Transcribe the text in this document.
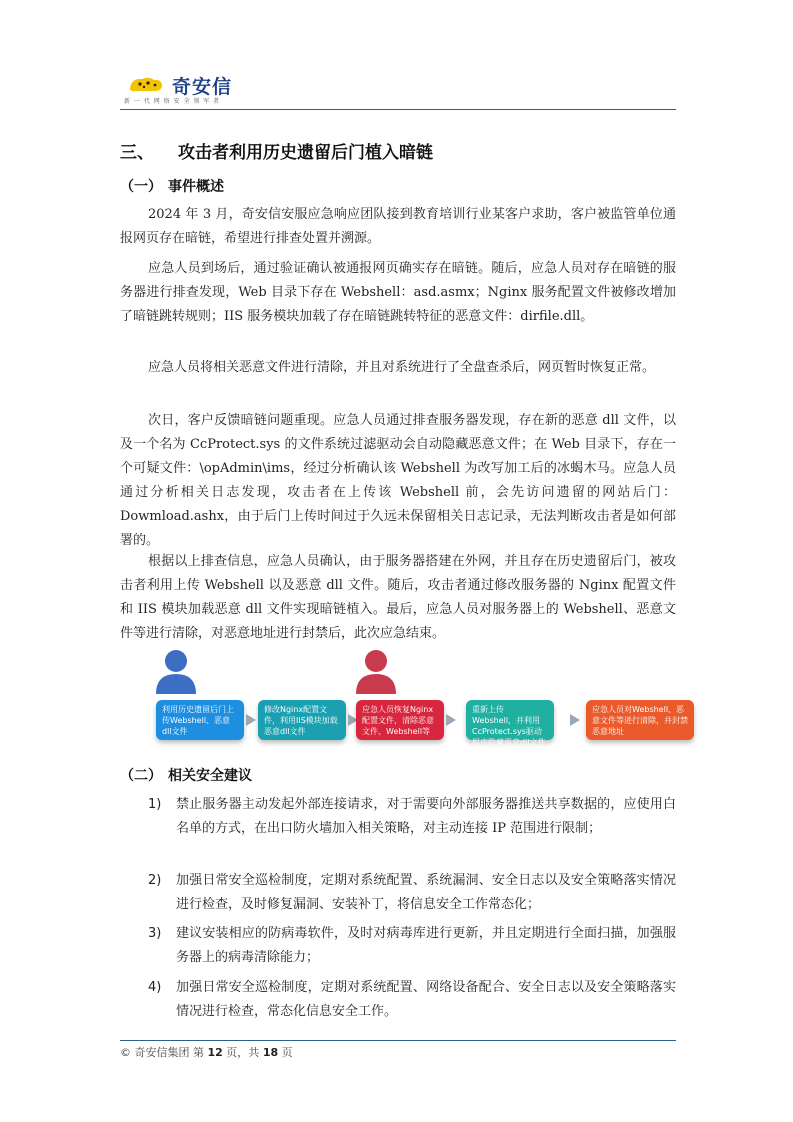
奇安信
新 一 代 网 络 安 全 领 军 者
三、 攻击者利用历史遗留后门植入暗链
（一） 事件概述

2024 年 3 月，奇安信安服应急响应团队接到教育培训行业某客户求助，客户被监管单位通报网页存在暗链，希望进行排查处置并溯源。

应急人员到场后，通过验证确认被通报网页确实存在暗链。随后，应急人员对存在暗链的服务器进行排查发现，Web 目录下存在 Webshell：asd.asmx；Nginx 服务配置文件被修改增加了暗链跳转规则；IIS 服务模块加载了存在暗链跳转特征的恶意文件：dirfile.dll。

应急人员将相关恶意文件进行清除，并且对系统进行了全盘查杀后，网页暂时恢复正常。

次日，客户反馈暗链问题重现。应急人员通过排查服务器发现，存在新的恶意 dll 文件，以及一个名为 CcProtect.sys 的文件系统过滤驱动会自动隐藏恶意文件；在 Web 目录下，存在一个可疑文件：\opAdmin\ims，经过分析确认该 Webshell 为改写加工后的冰蝎木马。应急人员通过分析相关日志发现，攻击者在上传该 Webshell 前，会先访问遗留的网站后门：Dowmload.ashx，由于后门上传时间过于久远未保留相关日志记录，无法判断攻击者是如何部署的。

根据以上排查信息，应急人员确认，由于服务器搭建在外网，并且存在历史遗留后门，被攻击者利用上传 Webshell 以及恶意 dll 文件。随后，攻击者通过修改服务器的 Nginx 配置文件和 IIS 模块加载恶意 dll 文件实现暗链植入。最后，应急人员对服务器上的 Webshell、恶意文件等进行清除，对恶意地址进行封禁后，此次应急结束。

利用历史遗留后门上传Webshell、恶意dll文件
修改Nginx配置文件，利用IIS模块加载恶意dll文件
应急人员恢复Nginx配置文件，清除恶意文件、Webshell等
重新上传Webshell，并利用CcProtect.sys驱动程序隐藏恶意dll文件
应急人员对Webshell、恶意文件等进行清除，并封禁恶意地址
（二） 相关安全建议
1) 禁止服务器主动发起外部连接请求，对于需要向外部服务器推送共享数据的，应使用白名单的方式，在出口防火墙加入相关策略，对主动连接 IP 范围进行限制；
2) 加强日常安全巡检制度，定期对系统配置、系统漏洞、安全日志以及安全策略落实情况进行检查，及时修复漏洞、安装补丁，将信息安全工作常态化；
3) 建议安装相应的防病毒软件，及时对病毒库进行更新，并且定期进行全面扫描，加强服务器上的病毒清除能力；
4) 加强日常安全巡检制度，定期对系统配置、网络设备配合、安全日志以及安全策略落实情况进行检查，常态化信息安全工作。
© 奇安信集团 第 12 页，共 18 页
